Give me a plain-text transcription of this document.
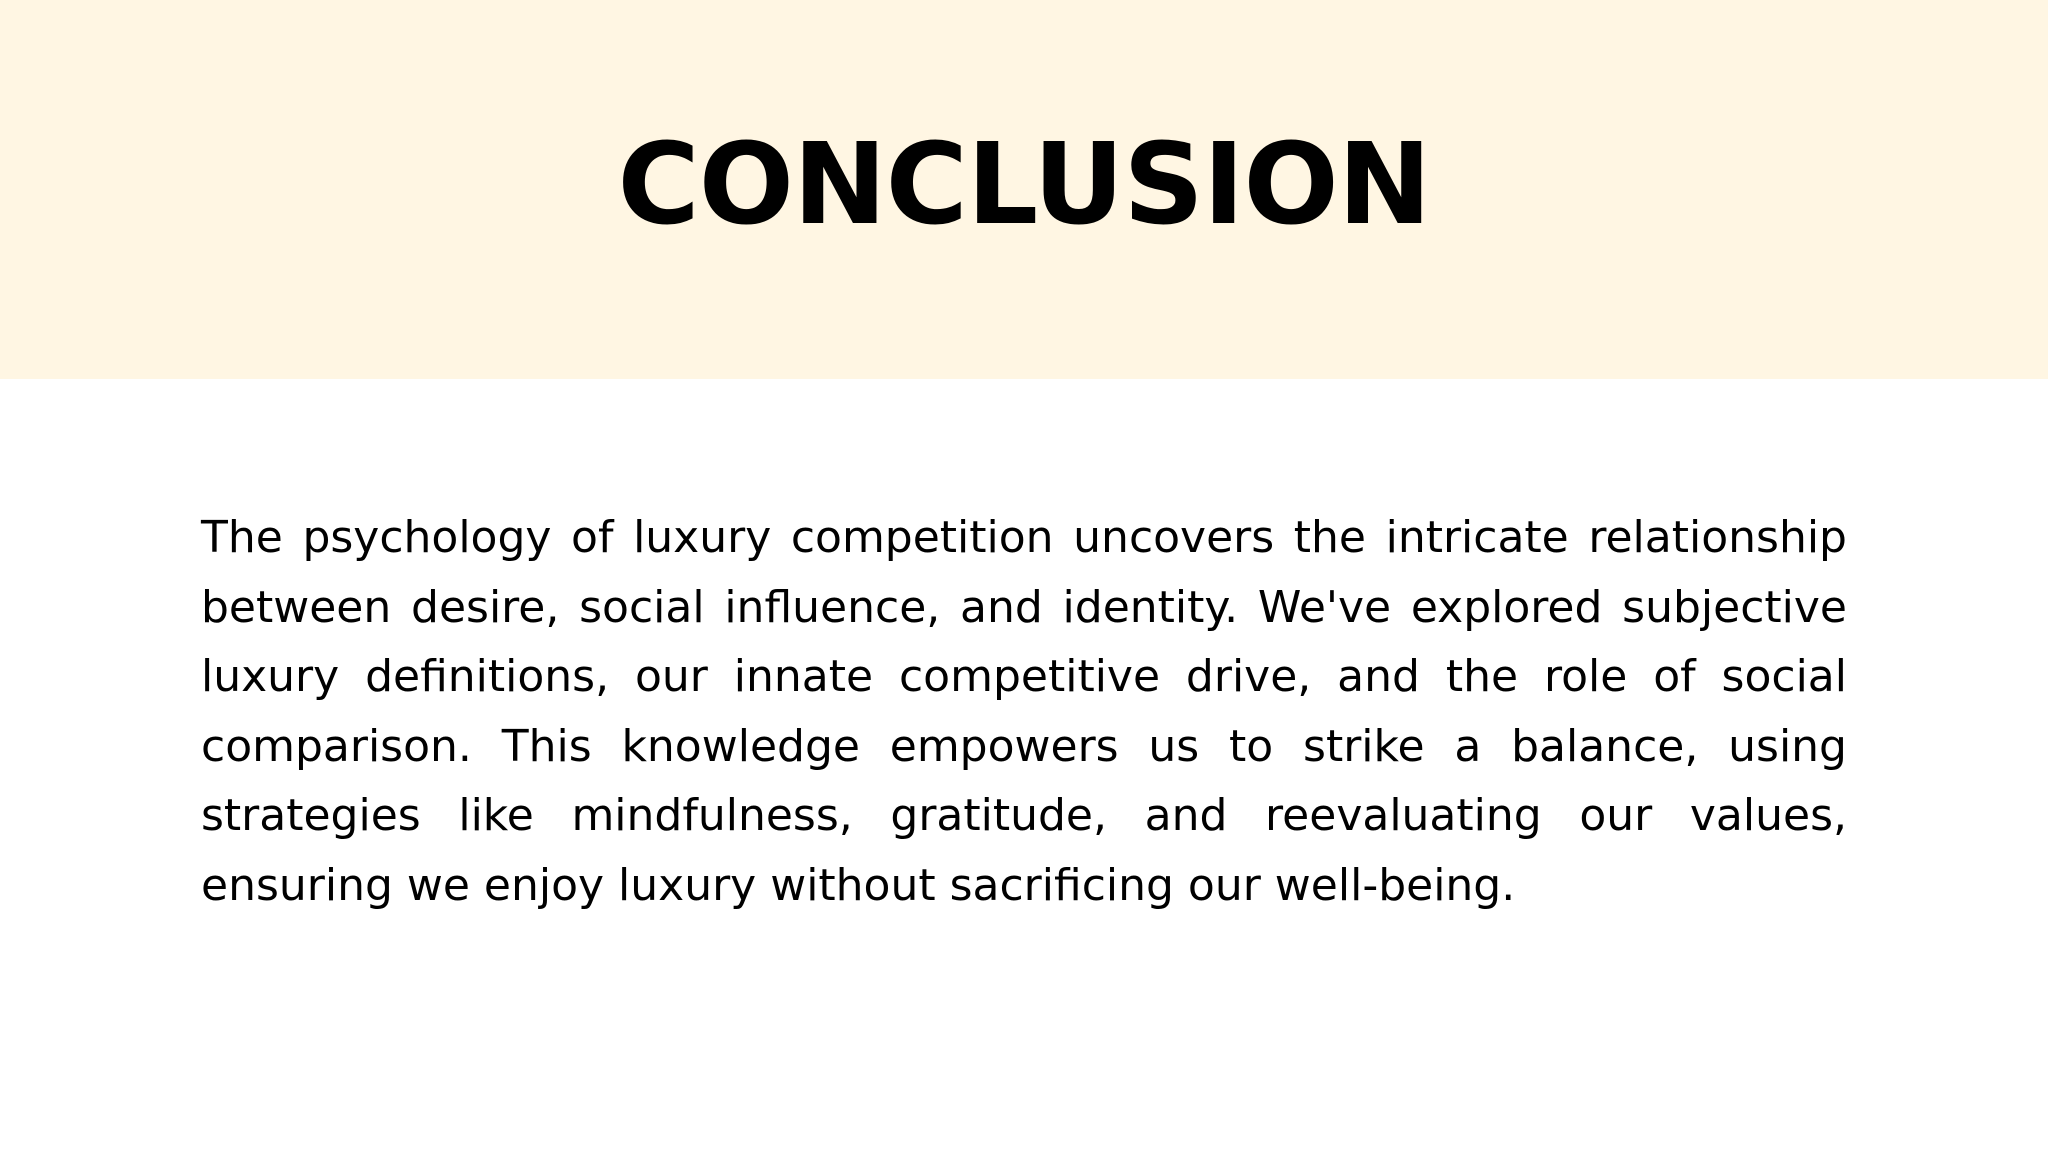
CONCLUSION

The psychology of luxury competition uncovers the intricate relationship between desire, social influence, and identity. We've explored subjective luxury definitions, our innate competitive drive, and the role of social comparison. This knowledge empowers us to strike a balance, using strategies like mindfulness, gratitude, and reevaluating our values, ensuring we enjoy luxury without sacrificing our well-being.
